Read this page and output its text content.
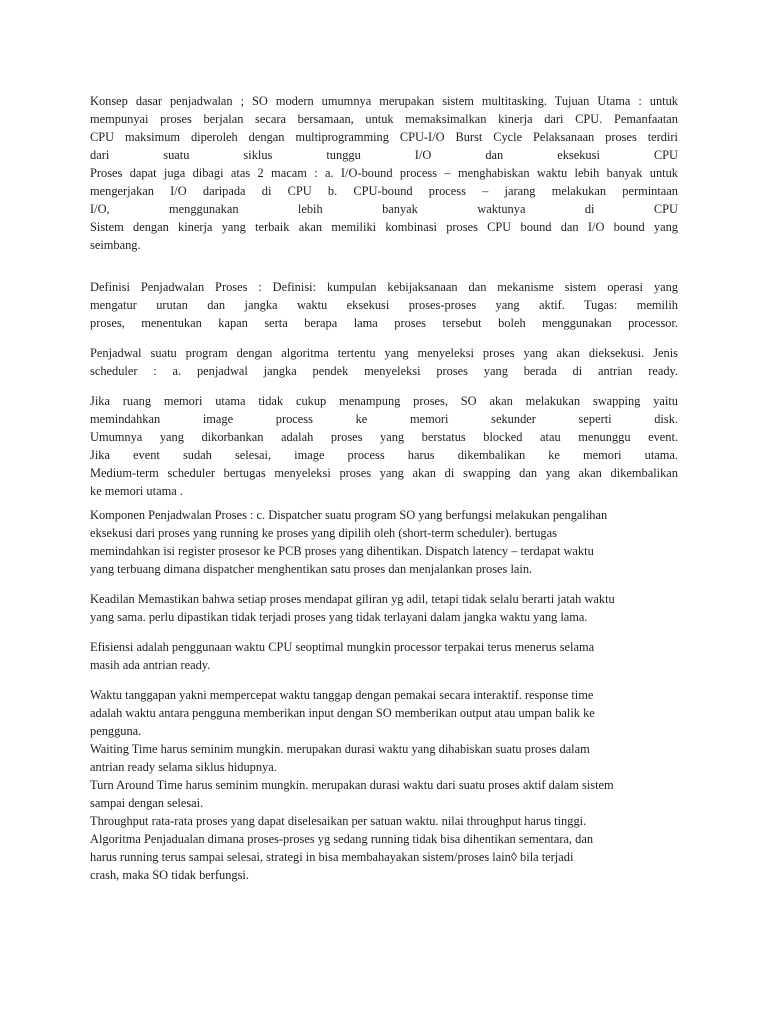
Konsep dasar penjadwalan ; SO modern umumnya merupakan sistem multitasking. Tujuan Utama : untuk
mempunyai proses berjalan secara bersamaan, untuk memaksimalkan kinerja dari CPU. Pemanfaatan
CPU maksimum diperoleh dengan multiprogramming CPU-I/O Burst Cycle Pelaksanaan proses terdiri
dari suatu siklus tunggu I/O dan eksekusi CPU
Proses dapat juga dibagi atas 2 macam : a. I/O-bound process – menghabiskan waktu lebih banyak untuk
mengerjakan I/O daripada di CPU b. CPU-bound process – jarang melakukan permintaan
I/O, menggunakan lebih banyak waktunya di CPU
Sistem dengan kinerja yang terbaik akan memiliki kombinasi proses CPU bound dan I/O bound yang
seimbang.
Definisi Penjadwalan Proses : Definisi: kumpulan kebijaksanaan dan mekanisme sistem operasi yang
mengatur urutan dan jangka waktu eksekusi proses-proses yang aktif. Tugas: memilih
proses, menentukan kapan serta berapa lama proses tersebut boleh menggunakan processor.
Penjadwal suatu program dengan algoritma tertentu yang menyeleksi proses yang akan dieksekusi. Jenis
scheduler : a. penjadwal jangka pendek menyeleksi proses yang berada di antrian ready.
Jika ruang memori utama tidak cukup menampung proses, SO akan melakukan swapping yaitu
memindahkan image process ke memori sekunder seperti disk.
Umumnya yang dikorbankan adalah proses yang berstatus blocked atau menunggu event.
Jika event sudah selesai, image process harus dikembalikan ke memori utama.
Medium-term scheduler bertugas menyeleksi proses yang akan di swapping dan yang akan dikembalikan
ke memori utama .
Komponen Penjadwalan Proses : c. Dispatcher suatu program SO yang berfungsi melakukan pengalihan
eksekusi dari proses yang running ke proses yang dipilih oleh (short-term scheduler). bertugas
memindahkan isi register prosesor ke PCB proses yang dihentikan. Dispatch latency – terdapat waktu
yang terbuang dimana dispatcher menghentikan satu proses dan menjalankan proses lain.
Keadilan Memastikan bahwa setiap proses mendapat giliran yg adil, tetapi tidak selalu berarti jatah waktu
yang sama. perlu dipastikan tidak terjadi proses yang tidak terlayani dalam jangka waktu yang lama.
Efisiensi adalah penggunaan waktu CPU seoptimal mungkin processor terpakai terus menerus selama
masih ada antrian ready.
Waktu tanggapan yakni mempercepat waktu tanggap dengan pemakai secara interaktif. response time
adalah waktu antara pengguna memberikan input dengan SO memberikan output atau umpan balik ke
pengguna.
Waiting Time harus seminim mungkin. merupakan durasi waktu yang dihabiskan suatu proses dalam
antrian ready selama siklus hidupnya.
Turn Around Time harus seminim mungkin. merupakan durasi waktu dari suatu proses aktif dalam sistem
sampai dengan selesai.
Throughput rata-rata proses yang dapat diselesaikan per satuan waktu. nilai throughput harus tinggi.
Algoritma Penjadualan dimana proses-proses yg sedang running tidak bisa dihentikan sementara, dan
harus running terus sampai selesai, strategi in bisa membahayakan sistem/proses lain◊ bila terjadi
crash, maka SO tidak berfungsi.
